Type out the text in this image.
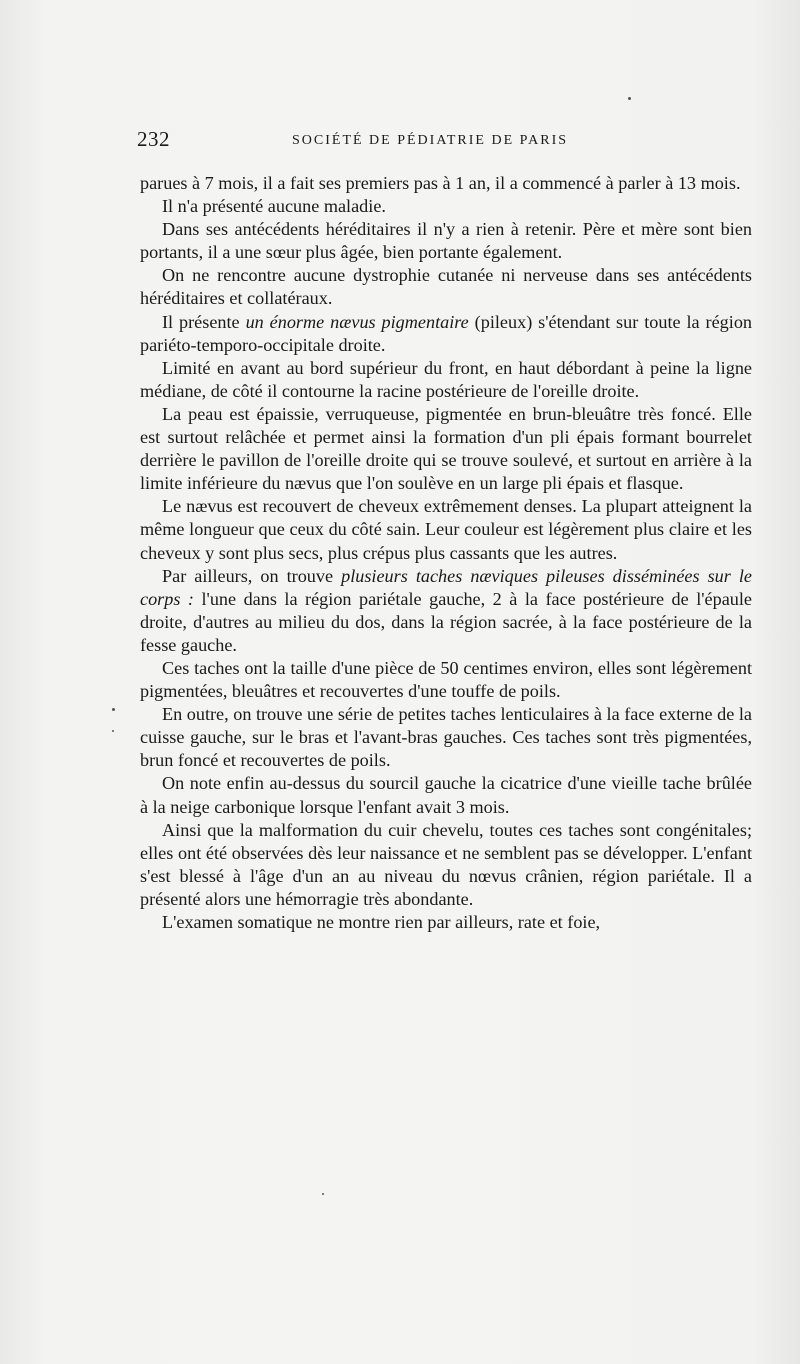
232	SOCIÉTÉ DE PÉDIATRIE DE PARIS

parues à 7 mois, il a fait ses premiers pas à 1 an, il a commencé à parler à 13 mois.

Il n'a présenté aucune maladie.

Dans ses antécédents héréditaires il n'y a rien à retenir. Père et mère sont bien portants, il a une sœur plus âgée, bien portante également.

On ne rencontre aucune dystrophie cutanée ni nerveuse dans ses antécédents héréditaires et collatéraux.

Il présente un énorme nævus pigmentaire (pileux) s'étendant sur toute la région pariéto-temporo-occipitale droite.

Limité en avant au bord supérieur du front, en haut débordant à peine la ligne médiane, de côté il contourne la racine postérieure de l'oreille droite.

La peau est épaissie, verruqueuse, pigmentée en brun-bleuâtre très foncé. Elle est surtout relâchée et permet ainsi la formation d'un pli épais formant bourrelet derrière le pavillon de l'oreille droite qui se trouve soulevé, et surtout en arrière à la limite inférieure du nævus que l'on soulève en un large pli épais et flasque.

Le nævus est recouvert de cheveux extrêmement denses. La plupart atteignent la même longueur que ceux du côté sain. Leur couleur est légèrement plus claire et les cheveux y sont plus secs, plus crépus plus cassants que les autres.

Par ailleurs, on trouve plusieurs taches næviques pileuses disséminées sur le corps : l'une dans la région pariétale gauche, 2 à la face postérieure de l'épaule droite, d'autres au milieu du dos, dans la région sacrée, à la face postérieure de la fesse gauche.

Ces taches ont la taille d'une pièce de 50 centimes environ, elles sont légèrement pigmentées, bleuâtres et recouvertes d'une touffe de poils.

En outre, on trouve une série de petites taches lenticulaires à la face externe de la cuisse gauche, sur le bras et l'avant-bras gauches. Ces taches sont très pigmentées, brun foncé et recouvertes de poils.

On note enfin au-dessus du sourcil gauche la cicatrice d'une vieille tache brûlée à la neige carbonique lorsque l'enfant avait 3 mois.

Ainsi que la malformation du cuir chevelu, toutes ces taches sont congénitales; elles ont été observées dès leur naissance et ne semblent pas se développer. L'enfant s'est blessé à l'âge d'un an au niveau du nœvus crânien, région pariétale. Il a présenté alors une hémorragie très abondante.

L'examen somatique ne montre rien par ailleurs, rate et foie,
